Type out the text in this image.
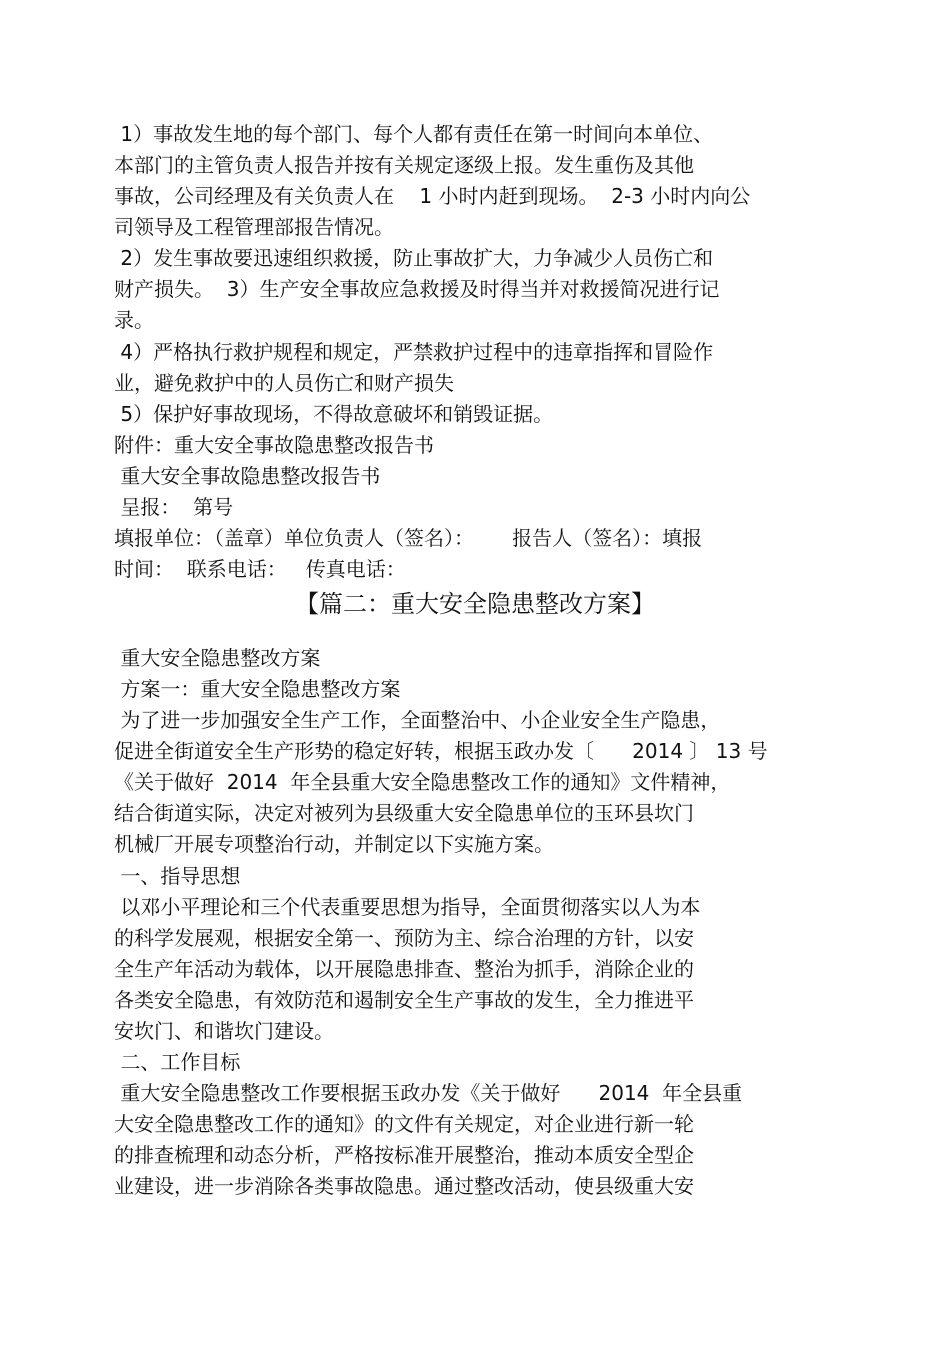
1）事故发生地的每个部门、每个人都有责任在第一时间向本单位、
本部门的主管负责人报告并按有关规定逐级上报。发生重伤及其他
事故，公司经理及有关负责人在    1 小时内赶到现场。  2-3 小时内向公
司领导及工程管理部报告情况。
2）发生事故要迅速组织救援，防止事故扩大，力争减少人员伤亡和
财产损失。  3）生产安全事故应急救援及时得当并对救援简况进行记
录。
4）严格执行救护规程和规定，严禁救护过程中的违章指挥和冒险作
业，避免救护中的人员伤亡和财产损失
5）保护好事故现场，不得故意破坏和销毁证据。
附件：重大安全事故隐患整改报告书
重大安全事故隐患整改报告书
呈报：  第号
填报单位：（盖章）单位负责人（签名）：      报告人（签名）：填报
时间：  联系电话：   传真电话：
【篇二：重大安全隐患整改方案】
重大安全隐患整改方案
方案一：重大安全隐患整改方案
为了进一步加强安全生产工作，全面整治中、小企业安全生产隐患，
促进全街道安全生产形势的稳定好转，根据玉政办发〔      2014 〕 13 号
《关于做好  2014  年全县重大安全隐患整改工作的通知》文件精神，
结合街道实际，决定对被列为县级重大安全隐患单位的玉环县坎门
机械厂开展专项整治行动，并制定以下实施方案。
一、指导思想
以邓小平理论和三个代表重要思想为指导，全面贯彻落实以人为本
的科学发展观，根据安全第一、预防为主、综合治理的方针，以安
全生产年活动为载体，以开展隐患排查、整治为抓手，消除企业的
各类安全隐患，有效防范和遏制安全生产事故的发生，全力推进平
安坎门、和谐坎门建设。
二、工作目标
重大安全隐患整改工作要根据玉政办发《关于做好      2014  年全县重
大安全隐患整改工作的通知》的文件有关规定，对企业进行新一轮
的排查梳理和动态分析，严格按标准开展整治，推动本质安全型企
业建设，进一步消除各类事故隐患。通过整改活动，使县级重大安
